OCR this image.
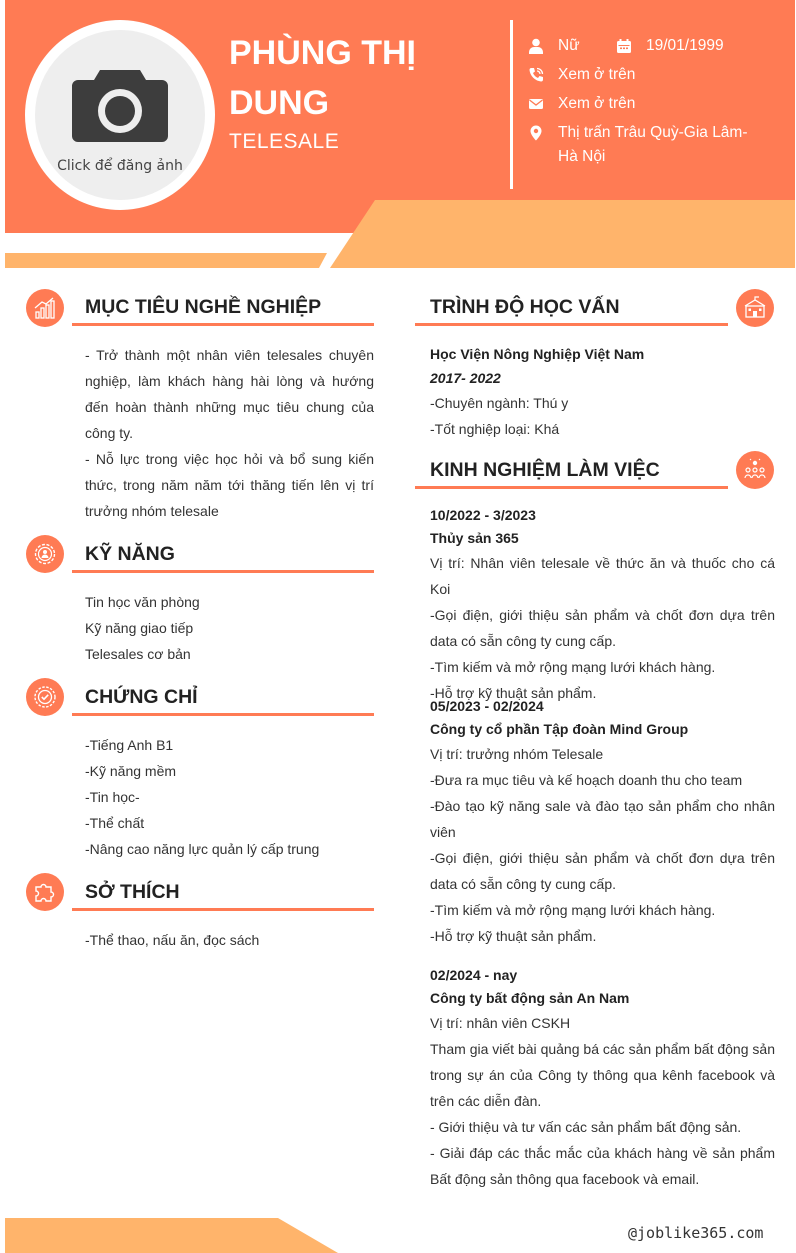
Click để đăng ảnh
PHÙNG THỊ
DUNG
TELESALE
Nữ	19/01/1999
Xem ở trên
Xem ở trên
Thị trấn Trâu Quỳ-Gia Lâm-Hà Nội
MỤC TIÊU NGHỀ NGHIỆP
- Trở thành một nhân viên telesales chuyên nghiệp, làm khách hàng hài lòng và hướng đến hoàn thành những mục tiêu chung của công ty.
- Nỗ lực trong việc học hỏi và bổ sung kiến thức, trong năm năm tới thăng tiến lên vị trí trưởng nhóm telesale
KỸ NĂNG
Tin học văn phòng
Kỹ năng giao tiếp
Telesales cơ bản
CHỨNG CHỈ
-Tiếng Anh B1
-Kỹ năng mềm
-Tin học-
-Thể chất
-Nâng cao năng lực quản lý cấp trung
SỞ THÍCH
-Thể thao, nấu ăn, đọc sách
TRÌNH ĐỘ HỌC VẤN
Học Viện Nông Nghiệp Việt Nam
2017- 2022
-Chuyên ngành: Thú y
-Tốt nghiệp loại: Khá
KINH NGHIỆM LÀM VIỆC
10/2022 - 3/2023
Thủy sản 365
Vị trí: Nhân viên telesale về thức ăn và thuốc cho cá Koi
-Gọi điện, giới thiệu sản phẩm và chốt đơn dựa trên data có sẵn công ty cung cấp.
-Tìm kiếm và mở rộng mạng lưới khách hàng.
-Hỗ trợ kỹ thuật sản phẩm.
05/2023 - 02/2024
Công ty cổ phần Tập đoàn Mind Group
Vị trí: trưởng nhóm Telesale
-Đưa ra mục tiêu và kế hoạch doanh thu cho team
-Đào tạo kỹ năng sale và đào tạo sản phẩm cho nhân viên
-Gọi điện, giới thiệu sản phẩm và chốt đơn dựa trên data có sẵn công ty cung cấp.
-Tìm kiếm và mở rộng mạng lưới khách hàng.
-Hỗ trợ kỹ thuật sản phẩm.
02/2024 - nay
Công ty bất động sản An Nam
Vị trí: nhân viên CSKH
Tham gia viết bài quảng bá các sản phẩm bất động sản trong sự án của Công ty thông qua kênh facebook và trên các diễn đàn.
- Giới thiệu và tư vấn các sản phẩm bất động sản.
- Giải đáp các thắc mắc của khách hàng về sản phẩm Bất động sản thông qua facebook và email.
@joblike365.com
